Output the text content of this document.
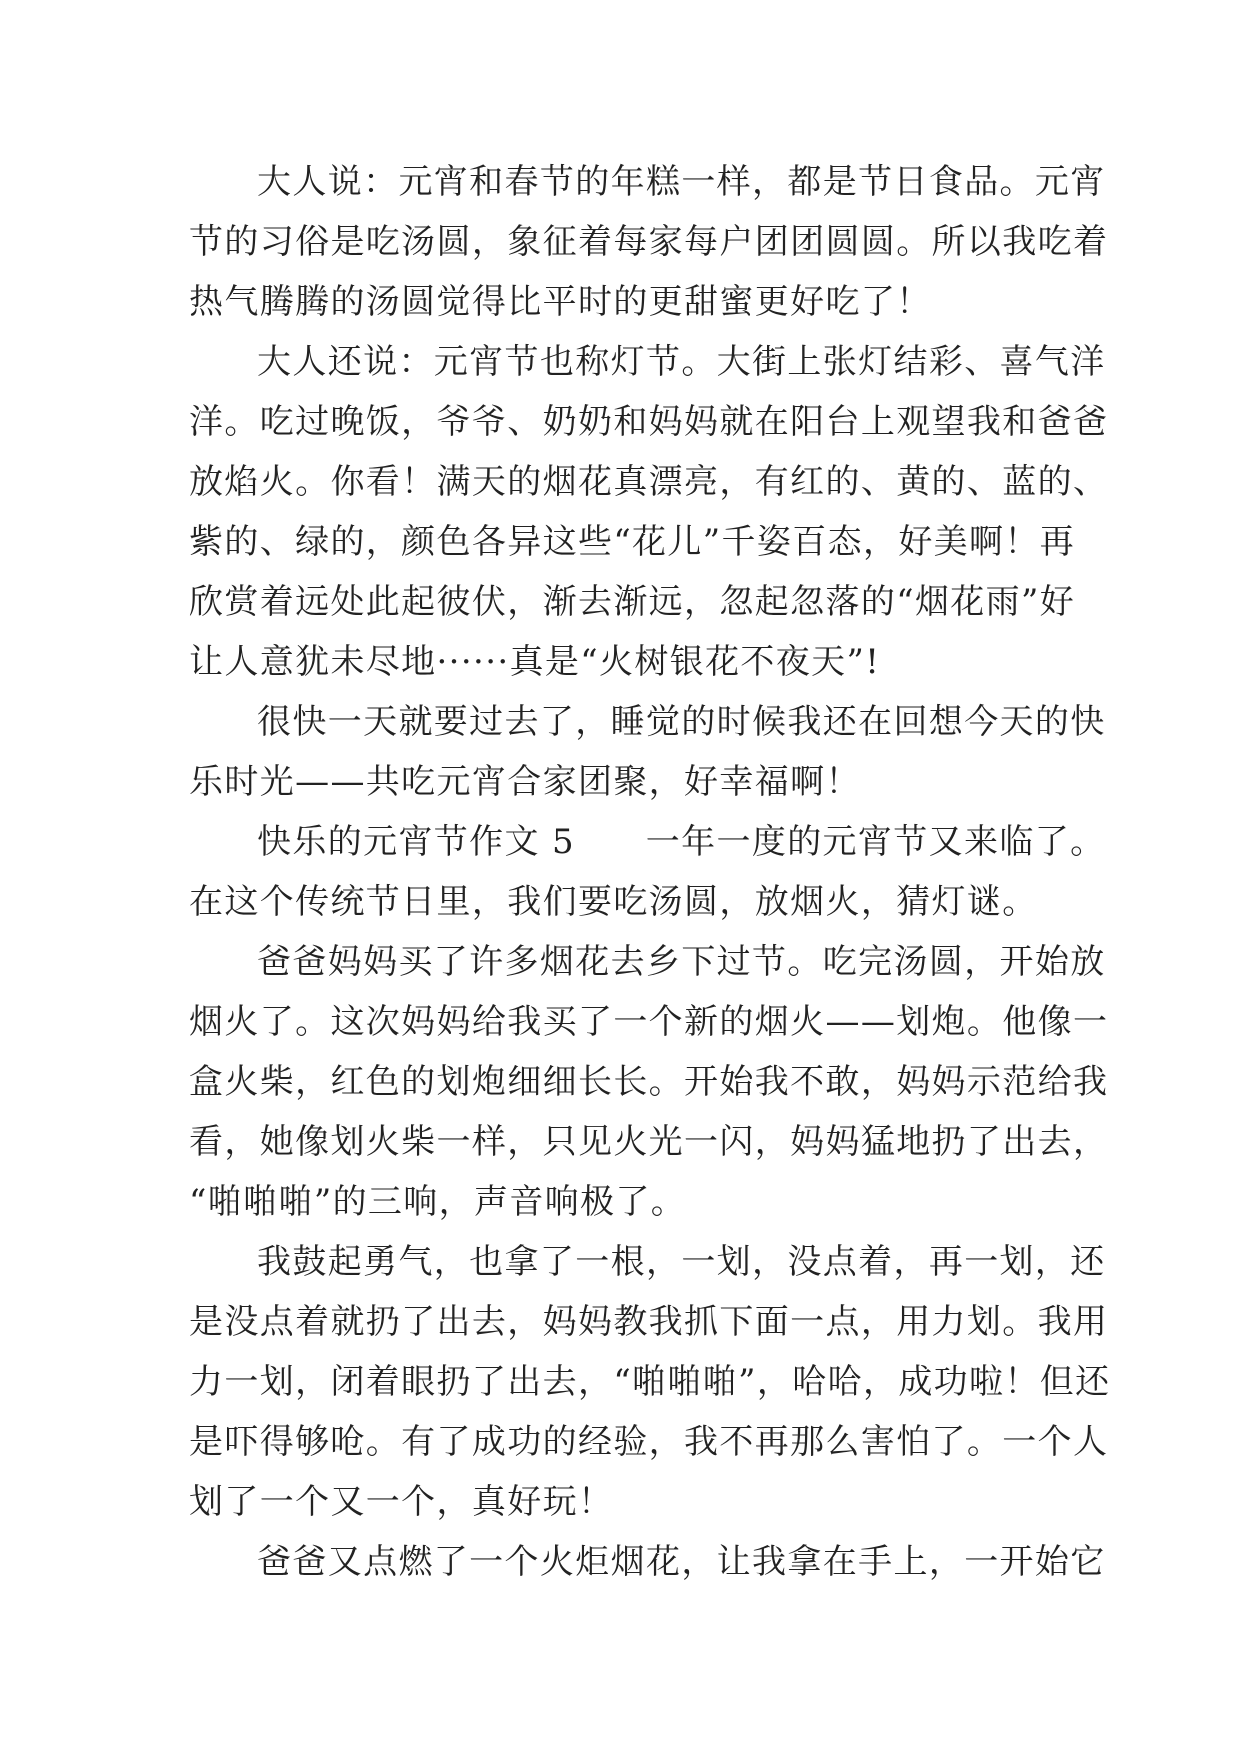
大人说：元宵和春节的年糕一样，都是节日食品。元宵
节的习俗是吃汤圆，象征着每家每户团团圆圆。所以我吃着
热气腾腾的汤圆觉得比平时的更甜蜜更好吃了！
大人还说：元宵节也称灯节。大街上张灯结彩、喜气洋
洋。吃过晚饭，爷爷、奶奶和妈妈就在阳台上观望我和爸爸
放焰火。你看！满天的烟花真漂亮，有红的、黄的、蓝的、
紫的、绿的，颜色各异这些“花儿”千姿百态，好美啊！再
欣赏着远处此起彼伏，渐去渐远，忽起忽落的“烟花雨”好
让人意犹未尽地······真是“火树银花不夜天”!
很快一天就要过去了，睡觉的时候我还在回想今天的快
乐时光——共吃元宵合家团聚，好幸福啊！
快乐的元宵节作文 5　　一年一度的元宵节又来临了。
在这个传统节日里，我们要吃汤圆，放烟火，猜灯谜。
爸爸妈妈买了许多烟花去乡下过节。吃完汤圆，开始放
烟火了。这次妈妈给我买了一个新的烟火——划炮。他像一
盒火柴，红色的划炮细细长长。开始我不敢，妈妈示范给我
看，她像划火柴一样，只见火光一闪，妈妈猛地扔了出去，
“啪啪啪”的三响，声音响极了。
我鼓起勇气，也拿了一根，一划，没点着，再一划，还
是没点着就扔了出去，妈妈教我抓下面一点，用力划。我用
力一划，闭着眼扔了出去，“啪啪啪”，哈哈，成功啦！但还
是吓得够呛。有了成功的经验，我不再那么害怕了。一个人
划了一个又一个，真好玩！
爸爸又点燃了一个火炬烟花，让我拿在手上，一开始它
